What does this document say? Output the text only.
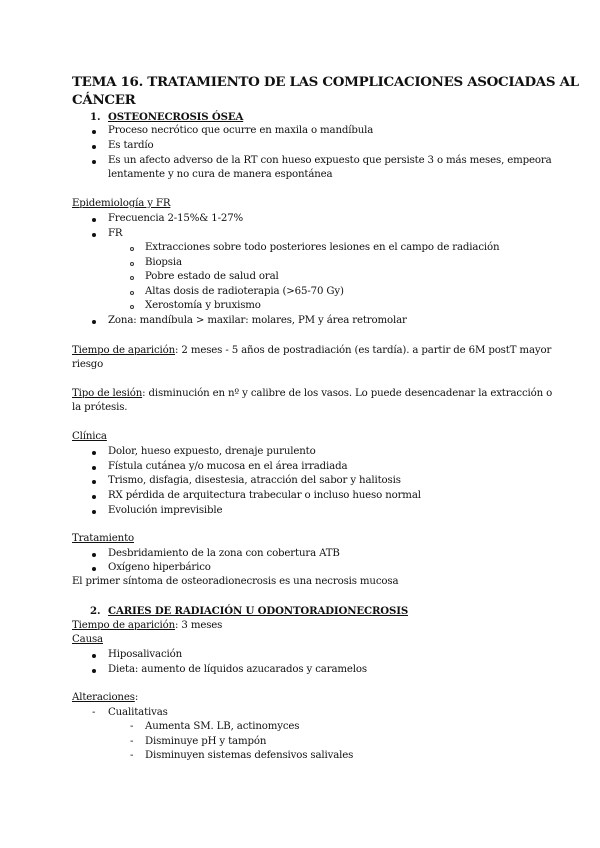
TEMA 16. TRATAMIENTO DE LAS COMPLICACIONES ASOCIADAS AL
CÁNCER
1. OSTEONECROSIS ÓSEA
Proceso necrótico que ocurre en maxila o mandíbula
Es tardío
Es un afecto adverso de la RT con hueso expuesto que persiste 3 o más meses, empeora
lentamente y no cura de manera espontánea
Epidemiología y FR
Frecuencia 2-15%& 1-27%
FR
Extracciones sobre todo posteriores lesiones en el campo de radiación
Biopsia
Pobre estado de salud oral
Altas dosis de radioterapia (>65-70 Gy)
Xerostomía y bruxismo
Zona: mandíbula > maxilar: molares, PM y área retromolar
Tiempo de aparición: 2 meses - 5 años de postradiación (es tardía). a partir de 6M postT mayor
riesgo
Tipo de lesión: disminución en nº y calibre de los vasos. Lo puede desencadenar la extracción o
la prótesis.
Clínica
Dolor, hueso expuesto, drenaje purulento
Fístula cutánea y/o mucosa en el área irradiada
Trismo, disfagia, disestesia, atracción del sabor y halitosis
RX pérdida de arquitectura trabecular o incluso hueso normal
Evolución imprevisible
Tratamiento
Desbridamiento de la zona con cobertura ATB
Oxígeno hiperbárico
El primer síntoma de osteoradionecrosis es una necrosis mucosa
2. CARIES DE RADIACIÓN U ODONTORADIONECROSIS
Tiempo de aparición: 3 meses
Causa
Hiposalivación
Dieta: aumento de líquidos azucarados y caramelos
Alteraciones:
- Cualitativas
- Aumenta SM. LB, actinomyces
- Disminuye pH y tampón
- Disminuyen sistemas defensivos salivales
